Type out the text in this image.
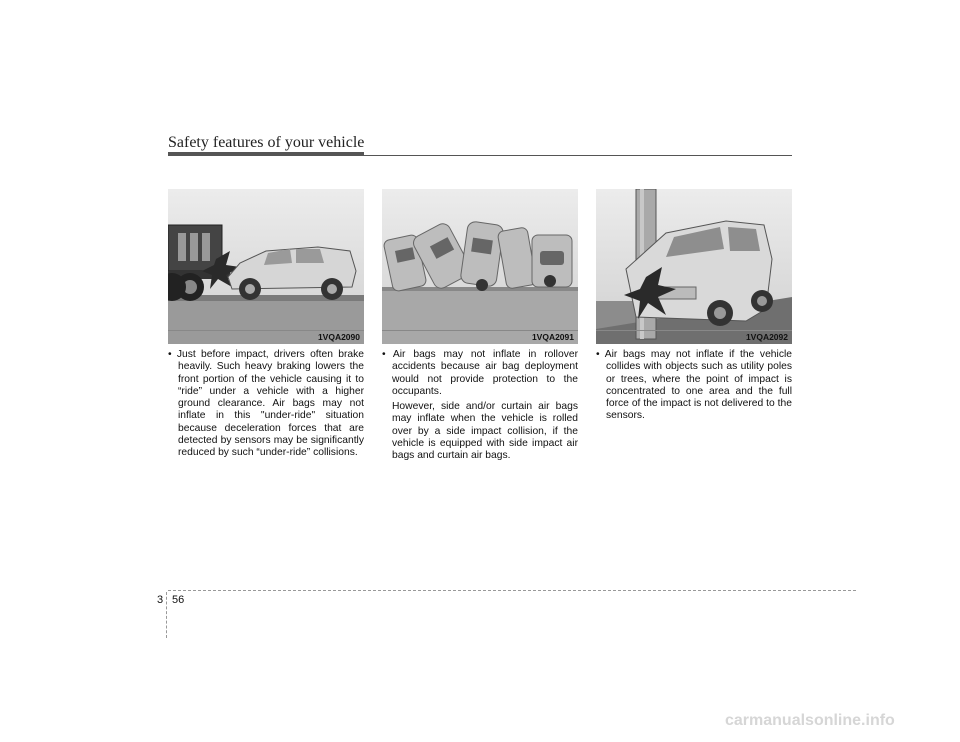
Safety features of your vehicle
1VQA2090	1VQA2091	1VQA2092

• Just before impact, drivers often brake heavily. Such heavy braking lowers the front portion of the vehicle causing it to “ride” under a vehicle with a higher ground clearance. Air bags may not inflate in this "under-ride" situation because deceleration forces that are detected by sensors may be significantly reduced by such “under-ride” collisions.

• Air bags may not inflate in rollover accidents because air bag deployment would not provide protection to the occupants.

However, side and/or curtain air bags may inflate when the vehicle is rolled over by a side impact collision, if the vehicle is equipped with side impact air bags and curtain air bags.

• Air bags may not inflate if the vehicle collides with objects such as utility poles or trees, where the point of impact is concentrated to one area and the full force of the impact is not delivered to the sensors.

3 56
carmanualsonline.info
